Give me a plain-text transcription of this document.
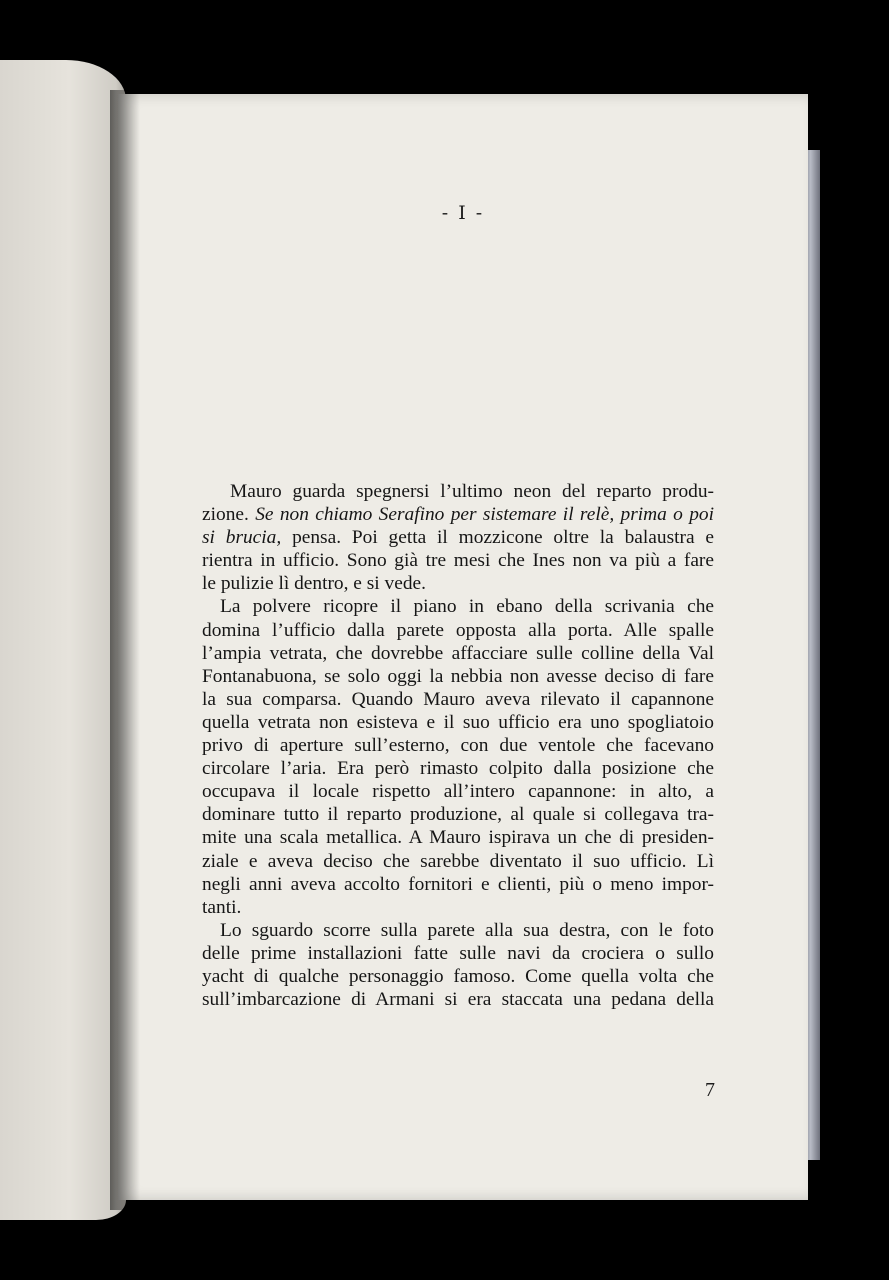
- I -

Mauro guarda spegnersi l’ultimo neon del reparto produ-
zione. Se non chiamo Serafino per sistemare il relè, prima o poi
si brucia, pensa. Poi getta il mozzicone oltre la balaustra e
rientra in ufficio. Sono già tre mesi che Ines non va più a fare
le pulizie lì dentro, e si vede.

La polvere ricopre il piano in ebano della scrivania che
domina l’ufficio dalla parete opposta alla porta. Alle spalle
l’ampia vetrata, che dovrebbe affacciare sulle colline della Val
Fontanabuona, se solo oggi la nebbia non avesse deciso di fare
la sua comparsa. Quando Mauro aveva rilevato il capannone
quella vetrata non esisteva e il suo ufficio era uno spogliatoio
privo di aperture sull’esterno, con due ventole che facevano
circolare l’aria. Era però rimasto colpito dalla posizione che
occupava il locale rispetto all’intero capannone: in alto, a
dominare tutto il reparto produzione, al quale si collegava tra-
mite una scala metallica. A Mauro ispirava un che di presiden-
ziale e aveva deciso che sarebbe diventato il suo ufficio. Lì
negli anni aveva accolto fornitori e clienti, più o meno impor-
tanti.

Lo sguardo scorre sulla parete alla sua destra, con le foto
delle prime installazioni fatte sulle navi da crociera o sullo
yacht di qualche personaggio famoso. Come quella volta che
sull’imbarcazione di Armani si era staccata una pedana della

7
